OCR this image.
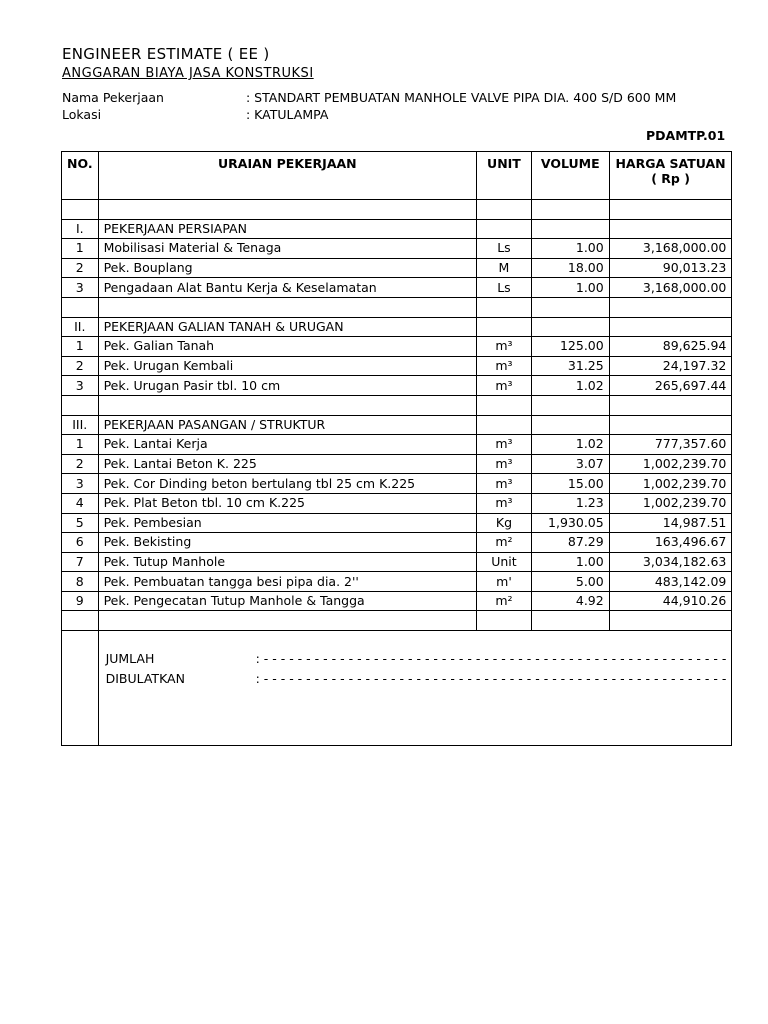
ENGINEER ESTIMATE ( EE )
ANGGARAN BIAYA JASA KONSTRUKSI
Nama Pekerjaan	: STANDART PEMBUATAN MANHOLE VALVE PIPA DIA. 400 S/D 600 MM
Lokasi	: KATULAMPA
PDAMTP.01
NO.	URAIAN PEKERJAAN	UNIT	VOLUME	HARGA SATUAN
( Rp )

I.	PEKERJAAN PERSIAPAN			
1	Mobilisasi Material & Tenaga	Ls	1.00	3,168,000.00
2	Pek. Bouplang	M	18.00	90,013.23
3	Pengadaan Alat Bantu Kerja & Keselamatan	Ls	1.00	3,168,000.00

II.	PEKERJAAN GALIAN TANAH & URUGAN			
1	Pek. Galian Tanah	m³	125.00	89,625.94
2	Pek. Urugan Kembali	m³	31.25	24,197.32
3	Pek. Urugan Pasir tbl. 10 cm	m³	1.02	265,697.44

III.	PEKERJAAN PASANGAN / STRUKTUR			
1	Pek. Lantai Kerja	m³	1.02	777,357.60
2	Pek. Lantai Beton K. 225	m³	3.07	1,002,239.70
3	Pek. Cor Dinding beton bertulang tbl 25 cm K.225	m³	15.00	1,002,239.70
4	Pek. Plat Beton tbl. 10 cm K.225	m³	1.23	1,002,239.70
5	Pek. Pembesian	Kg	1,930.05	14,987.51
6	Pek. Bekisting	m²	87.29	163,496.67
7	Pek. Tutup Manhole	Unit	1.00	3,034,182.63
8	Pek. Pembuatan tangga besi pipa dia. 2''	m'	5.00	483,142.09
9	Pek. Pengecatan Tutup Manhole & Tangga	m²	4.92	44,910.26

	JUMLAH : - - - - - - - - - - - - - - - - - - - - - - - - - - - - - - - - - - - - - - - - - - - - - - - - - - - - - - -
DIBULATKAN : - - - - - - - - - - - - - - - - - - - - - - - - - - - - - - - - - - - - - - - - - - - - - - - - - - - - - - -			
